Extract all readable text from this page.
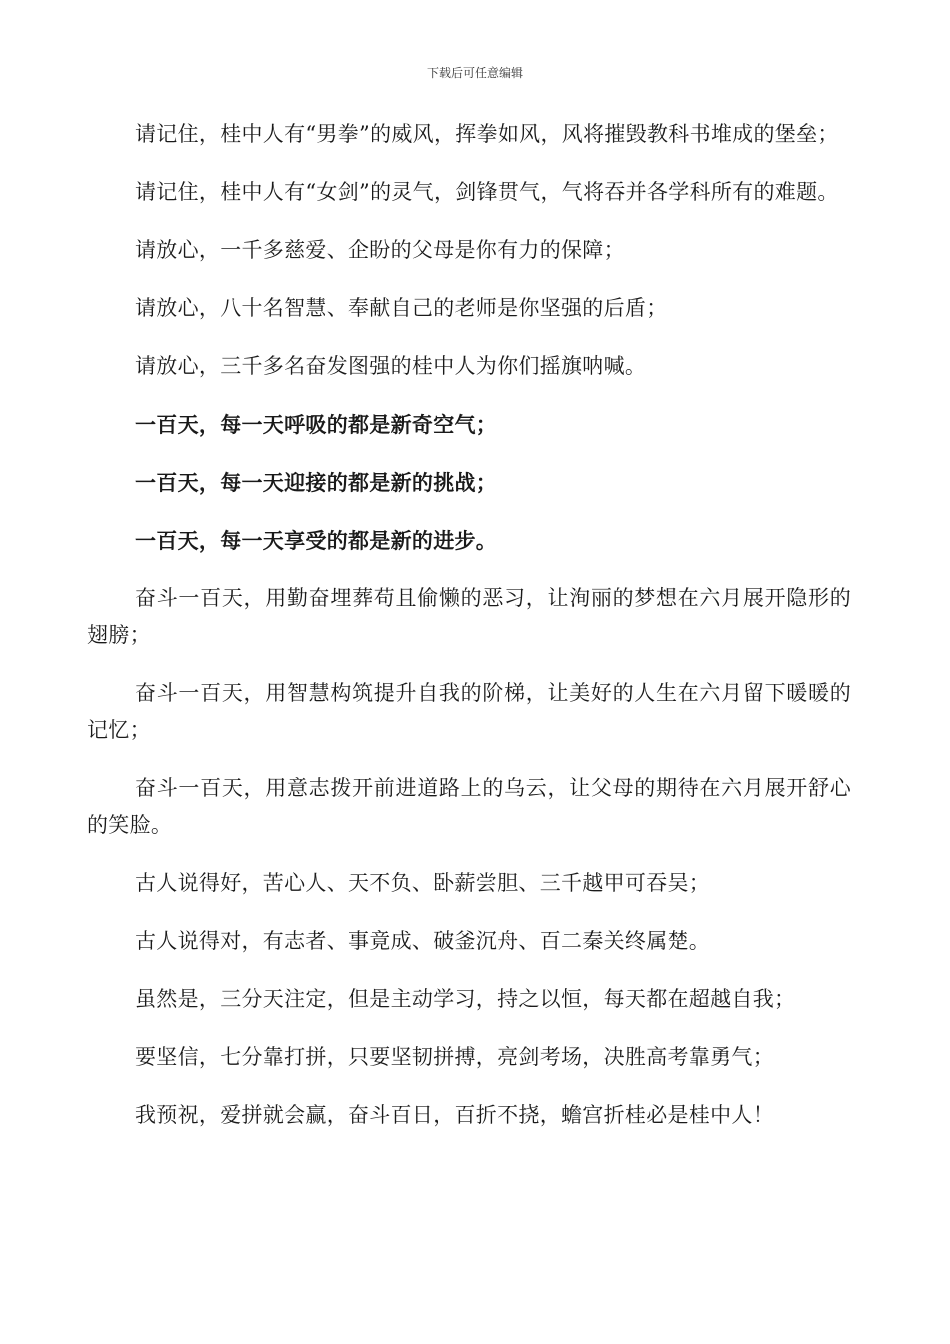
下载后可任意编辑

请记住，桂中人有“男拳”的威风，挥拳如风，风将摧毁教科书堆成的堡垒；

请记住，桂中人有“女剑”的灵气，剑锋贯气，气将吞并各学科所有的难题。

请放心，一千多慈爱、企盼的父母是你有力的保障；

请放心，八十名智慧、奉献自己的老师是你坚强的后盾；

请放心，三千多名奋发图强的桂中人为你们摇旗呐喊。

一百天，每一天呼吸的都是新奇空气；

一百天，每一天迎接的都是新的挑战；

一百天，每一天享受的都是新的进步。

奋斗一百天，用勤奋埋葬苟且偷懒的恶习，让洵丽的梦想在六月展开隐形的翅膀；

奋斗一百天，用智慧构筑提升自我的阶梯，让美好的人生在六月留下暖暖的记忆；

奋斗一百天，用意志拨开前进道路上的乌云，让父母的期待在六月展开舒心的笑脸。

古人说得好，苦心人、天不负、卧薪尝胆、三千越甲可吞吴；

古人说得对，有志者、事竟成、破釜沉舟、百二秦关终属楚。

虽然是，三分天注定，但是主动学习，持之以恒，每天都在超越自我；

要坚信，七分靠打拼，只要坚韧拼搏，亮剑考场，决胜高考靠勇气；

我预祝，爱拼就会赢，奋斗百日，百折不挠，蟾宫折桂必是桂中人！
